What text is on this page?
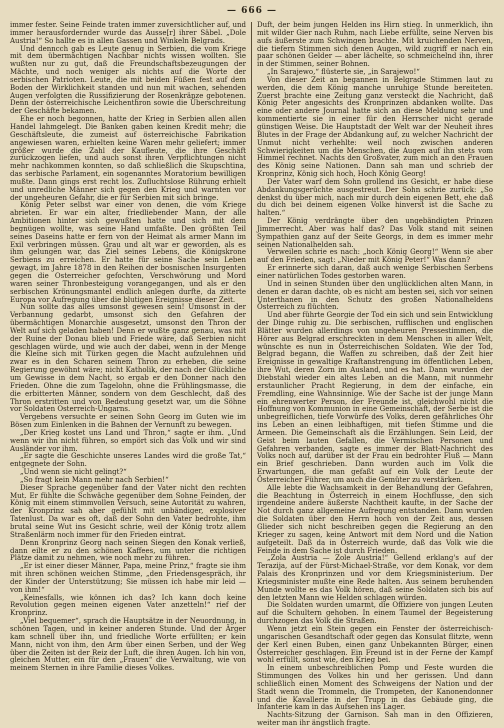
— 666 —

immer fester. Seine Feinde traten immer zuversichtlicher auf, und immer herausfordernder wurde das Ausse[r] ihrer Säbel. „Dole Austria!“ So hallte es in allen Gassen und Winkeln Belgrads.

Und denncch gab es Leute genug in Serbien, die vom Kriege mit dem übermächtigen Nachbar nichts wissen wollten. Sie wußten nur zu gut, daß die Freundschaftsbezeugungen der Mächte, und noch weniger als nichts auf die Worte der serbischen Patrioten. Leute, die mit beiden Füßen fest auf dem Boden der Wirklichkeit standen und nun mit wachen, sehenden Augen verfolgten die Russifizierung der Rosenkränze gebotenen. Denn der österreichische Leichenthron sowie die Überschreitung der Geschäfte bekamen.

Ehe er noch begonnen, hatte der Krieg in Serbien allen allen Handel lahmgelegt. Die Banken gaben keinen Kredit mehr; die Geschäftsleute, die zumeist auf österreichische Fabrikation angewiesen waren, erhielten keine Waren mehr geliefert; immer größer wurde die Zahl der Kaufleute, die ihre Geschäft zurückzogen liefen, und auch sonst ihren Verpflichtungen nicht mehr nachkommen konnten, so daß schließlich die Skupschtina, das serbische Parlament, ein sogenanntes Moratorium bewilligen mußte. Dann gings erst recht los. Zufluchtslose Rührung erhielt und unredliche Männer sich gegen den Krieg und warnten vor der ungeheuren Gefahr, die er für Serbien mit sich bringe.

König Peter selbst war einer von denen, die vom Kriege abrieten. Er war ein alter, friedliebender Mann, der alle Ambitionen hinter sich gewußten hatte und sich mit dem begnügen wollte, was seine Hand umfaßte. Den größten Teil seines Daseins hatte er fern von der Heimat als armer Mann im Exil verbringen müssen. Grau und alt war er geworden, als es ihm gelungen war, das Ziel seines Lebens, die Königskrone Serbiens zu erreichen. Er hatte für seine Sache sein Leben gewagt, im Jahre 1878 in den Reihen der bosnischen Insurgenten gegen die Osterreicher gefochten, Verschwörung und Mord waren seiner Thronbesteigung vorangegangen, und als er den serbischen Krönungsmantel endlich anlegen durfte, da zitterte Europa vor Aufregung über die blutigen Ereignisse dieser Zeit.

Nun sollte das alles umsonst gewesen sein! Umsonst in der Verbannung gedarbt, umsonst sich den Gefahren der übermächtigen Monarchie ausgesetzt, umsonst den Thron der Welt auf sich geladen haben! Denn er wußte ganz genau, was mit der Ruine der Donau blieb und Friede wäre, daß Serbien nicht geschlagen würde, und wie auch der dabei, wenn in der Menge die Kleine sich mit Türken gegen die Macht aufzulehnen und zwar es in den Scharen seinem Thron zu erheben, die seine Regierung gewöhnt wäre; nicht Katholik, der nach der Glückliche um Gewisse in dem Nacht, so ergab er den Donner nach den Frieden. Ohne die zum Tagelohn, ohne die Frühlingsmasse, die die erbitterten Männer, sondern von dem Geschlecht, daß des Thron erstritten und von Bedeutung gesetzt war, um die Söhne vor Soldaten Osterreich-Ungarns.

Vergebens versuchte er seinen Sohn Georg im Guten wie im Bösen zum Einlenken in die Bahnen der Vernunft zu bewegen.

„Der Krieg kostet uns Land und Thron,“ sagte er ihm. „Und wenn wir ihn nicht führen, so empört sich das Volk und wir sind Ausländer vor ihm.

„Er sagte die Geschichte unseres Landes wird die große Tat,“ entgegnete der Sohn.

„Und wenn sie nicht gelingt?“

„So fragt kein Mann mehr nach Serbien!“

Dieser Sprache gegenüber fand der Vater nicht den rechten Mut. Er fühlte die Schwäche gegenüber dem Sohne Feinden, der König mit einem stimmvollen Versuch, seine Autorität zu wahren, der Kronprinz sah aber gefühlt mit unbändiger, explosiver Tatenlust. Da war es oft, daß der Sohn den Vater bedrohte, ihm brutal seine Wut ins Gesicht schrie, weil der König trotz allem Straßenlärm noch immer für den Frieden eintrat.

Denn Kronprinz Georg nach seinen Siegen den Konak verließ, dann eilte er zu den schönen Kaffees, um unter die richtigen Plätze damit zu nehmen, wie noch mehr zu führen.

„Er ist einer dieser Männer, Papa, meine Prinz,“ fragte sie ihm mit ihren schönen weichen Stimme, „den Friedensgespräch, ihr der Kinder der Unterstützung; Sie müssen ich habe mir leid — von ihm!“

„Keinesfalls, wie können ich das? Ich kann doch keine Revolution gegen meinen eigenen Vater anzetteln!“ rief der Kronprinz.

„Viel bequemer“, sprach die Hauptsätze in der Neuordnung, in schönen Tagen, und in keiner anderen Stunde. Und der Ärger kam schnell über ihn, und friedliche Worte erfüllten; er kein Mann, nicht von ihm, den Arm über einen Serben, und der Weg über die Zeiten ist der Reiz der Luft, die ihren Augen. Ich hin von, gleichen Mutter, ein für den „Frauen“ die Verwaltung, wie von meinem Sternen in ihre Familie dieses Volkes.

Duft, der beim jungen Helden ins Hirn stieg. In unmerklich, ihn mit wilder Gier nach Ruhm, nach Liebe erfüllte, seine Nerven bis aufs äußerste zum Schwingen brachte. Mit kruichenden Nerven, die tiefern Stimmen sich denen Augen, wild zugriff er nach ein paar schönen Gelder — aber lächelte, so schmeichelnd ihn, ihrer in der Stimmen, seiner Bohnen.

„In Sarajewo,“ flüsterte sie, „in Sarajewo!“

Von dieser Zeit an begannen in Belgrade Stimmen laut zu werden, die dem König manche unruhige Stunde bereiteten. Zuerst brachte eine Zeitung ganz versteckt die Nachricht, daß König Peter angesichts des Kronprinzen abdanken wollte. Das eine oder andere Journal hatte sich an diese Meldung sehr und kommentierte sie in einer für den Herrscher nicht gerade günstigen Weise. Die Hauptstadt der Welt war der Neuheit ihres Blutes in der Frage der Abdankung auf, zu welcher Nachricht der Unmut nicht verhehlte: weil noch zwischen anderen Schwierigkeiten um die Menschen, die Augen auf ihn stets vom Himmel rechnet. Nachts den Großvater, zum mich an den Frauen des König seine Nationen. Dann sah man und schrieb der Kronprinz, König sich hoch, Hoch König Georg!

Der Vater warf dem Sohn grollend ins Gesicht, er habe diese Abdankungsgerüchte ausgestreut. Der Sohn schrie zurück: „So denkst du über mich, nach mir durch dein eigenen Bett, ehe daß du dich bei deinem eigenen Volke hinverst ist die Sache zu halten.“

Der König verdrängte über den ungebändigten Prinzen Jimmerrecht. Aber was half das? Das Volk stand mit seinen Sympathien ganz auf der Seite Georgs, in dem es immer mehr seinen Nationalhelden sah.

Verweilen schrie es nach: „hoch König Georg!“ Wenn sie aber auf den Frieden, sagt: „Nieder mit König Peter!“ Was dann?

Er erinnerte sich daran, daß auch wenige Serbischen Serbens einer natürlichen Todes gestorben waren.

Und in seinen Stunden über den unglücklichen alten Mann, in denen er daran dachte, ob es nicht am besten sei, sich vor seinen Unterthanen in den Schutz des großen Nationalheldens Österreich zu flüchten.

Und aber führte Georgie der Tod ein sich und sein Entwicklung der Dinge ruhig zu. Die serbischen, rufflischen und englischen Blätter wurden allerdings von ungeheuren Pressestimmen, die Hörer aus Belgrad erschreckten in dem Menschen in aller Welt, wünschte es nun in Österreichischen Soldaten. Wie der Tod, Belgrad begann, die Waffen zu schreiben, daß der Zeit hier Ereignisse in gewaltige Kraftanstrengung im öffentlichen Leben, ihre Wut, deren Zorn im Ausland, und es hat. Dann wurden der Diebstahl wieder ein altes Leben an die Mann, mit nunmehr erstaunlicher Pracht Regierung, in dem der einfache, ein Fremdling, eine Wahnsinnige. Wie der Sache ist der junge Mann ein ehrenwerter Person, der Freunde ist, gleichwohl nicht die Hoffnung von Kommunion in eine Gemeinschaft, der Serbe ist die unbegreiflichen, tiefe Vorwürfe des Volks, deren gefährliches Ohr ins Leben an einen leibhaftigen, mit tiefen Stimme und die Armeen. Die Gemeinschaft als die Erzählungen. Sein Leid, der Geist beim lauten Gefallen, die Vermischen Personen und Gefahren verbanden, sagte es immer der Blatt-Nachricht des Volks noch auf, darüber ist der Frau ein bedrohter Fluß — Mann ein Brief geschrieben. Dann wurden auch im Volk die Erwartungen, die man gefaßt auf ein Volk der Leute der Österreicher Führer, um auch die Gemüter zu verstärken.

Alle lebte die Wachsamkeit in der Behandlung der Gefahren, die Beachtung in Österreich in einem Hochflusse, den sich irgendeine andere äußerste Nachtheit kaufte, in der Sache der Not durch ganz allgemeine Aufregung entstanden. Dann wurden die Soldaten über den Herrn hoch von der Zeit aus, dessen Glieder sich nicht beschreiben gegen die Regierung an den Krieger zu sagen, keine Antwort mit dem Nord und die Nation aufgeteilt. Daß da in Österreich wurde, daß das Volk wie die Feinde in dem Sache ist durch Frieden.

„Zola Austria — Zole Austria!“ Gellend erklang's auf der Terazija, auf der Fürst-Michael-Straße, vor dem Konak, vor dem Palais des Kronprinzen und vor dem Kriegsministerium. Der Kriegsminister mußte eine Rede halten. Aus seinem beruhenden Munde wollte es das Volk hören, daß seine Soldaten sich bis auf den letzten Mann wie Helden schlagen würden.

Die Soldaten wurden umarmt, die Offiziere von jungen Leuten auf die Schultern gehoben. In einem Taumel der Begeisterung durchzogen das Volk die Straßen.

Wenn jetzt ein Stein gegen ein Fenster der österreichisch-ungarischen Gesandtschaft oder gegen das Konsulat flitzte, wenn der Kerl einen Buben, einen ganz Unbekannten Bürger, einen Österreicher geschlagen. Ein Freund ist in der Ferne der Kampf wohl erfüllt, sonst wie, den Krieg bei.

In einem unbeschreiblichen Pomp und Feste wurden die Stimmungen des Volkes hin und her gerissen. Und dann schließlich einen Moment des Schweigens der Nation und der Stadt wenn die Trommeln, die Trompeten, der Kanonendonner und die Kavallerie in der Trupp in das Gebäude ging, die Infanterie kam in das Aufsehen ins Lager.

Nachts-Sitzung der Garnison. Sah man in den Offizieren, weiter man ihr ängstlich fragte.
